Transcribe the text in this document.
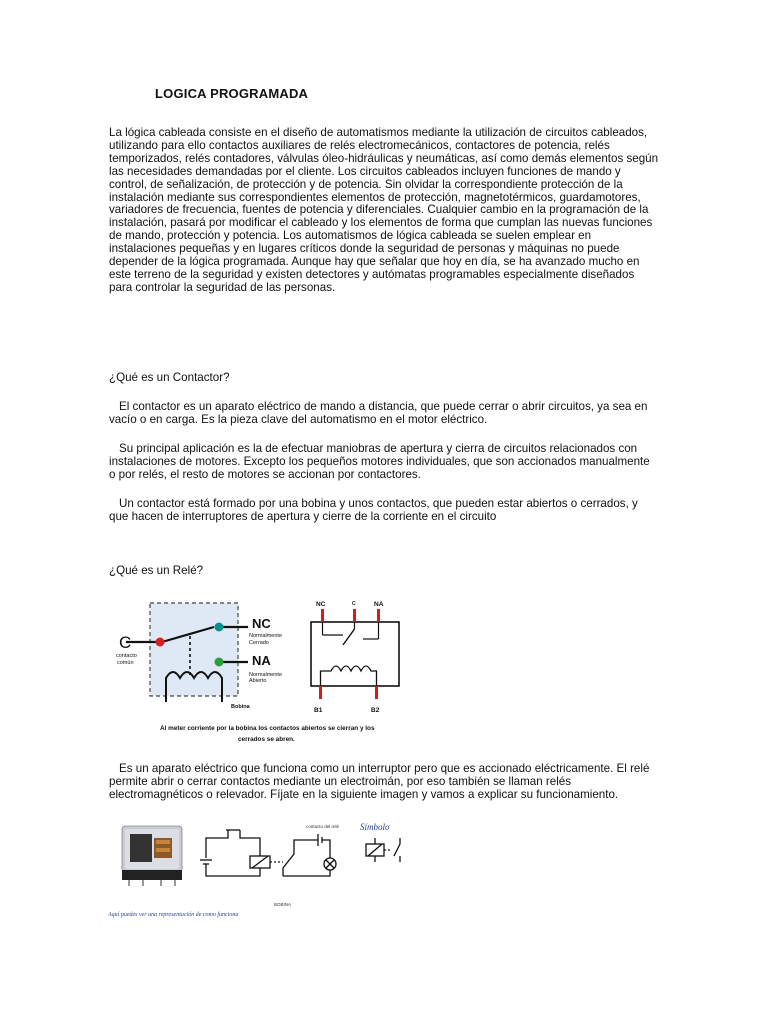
LOGICA PROGRAMADA

La lógica cableada consiste en el diseño de automatismos mediante la utilización de circuitos cableados, utilizando para ello contactos auxiliares de relés electromecánicos, contactores de potencia, relés temporizados, relés contadores, válvulas óleo-hidráulicas y neumáticas, así como demás elementos según las necesidades demandadas por el cliente. Los circuitos cableados incluyen funciones de mando y control, de señalización, de protección y de potencia. Sin olvidar la correspondiente protección de la instalación mediante sus correspondientes elementos de protección, magnetotérmicos, guardamotores, variadores de frecuencia, fuentes de potencia y diferenciales. Cualquier cambio en la programación de la instalación, pasará por modificar el cableado y los elementos de forma que cumplan las nuevas funciones de mando, protección y potencia. Los automatismos de lógica cableada se suelen emplear en instalaciones pequeñas y en lugares críticos donde la seguridad de personas y máquinas no puede depender de la lógica programada. Aunque hay que señalar que hoy en día, se ha avanzado mucho en este terreno de la seguridad y existen detectores y autómatas programables especialmente diseñados para controlar la seguridad de las personas.

¿Qué es un Contactor?

El contactor es un aparato eléctrico de mando a distancia, que puede cerrar o abrir circuitos, ya sea en vacío o en carga. Es la pieza clave del automatismo en el motor eléctrico.

Su principal aplicación es la de efectuar maniobras de apertura y cierra de circuitos relacionados con instalaciones de motores. Excepto los pequeños motores individuales, que son accionados manualmente o por relés, el resto de motores se accionan por contactores.

Un contactor está formado por una bobina y unos contactos, que pueden estar abiertos o cerrados, y que hacen de interruptores de apertura y cierre de la corriente en el circuito

¿Qué es un Relé?

C
contacto
común
NC
Normalmente
Cerrado
NA
Normalmente
Abierto
Bobina
Al meter corriente por la bobina los contactos abiertos se cierran y los
cerrados se abren.
NC	C	NA
B1	B2

Es un aparato eléctrico que funciona como un interruptor pero que es accionado eléctricamente. El relé permite abrir o cerrar contactos mediante un electroimán, por eso también se llaman relés electromagnéticos o relevador. Fíjate en la siguiente imagen y vamos a explicar su funcionamiento.

contacto del relé
BOBINA
Símbolo
Aquí puedes ver una representación de como funciona
